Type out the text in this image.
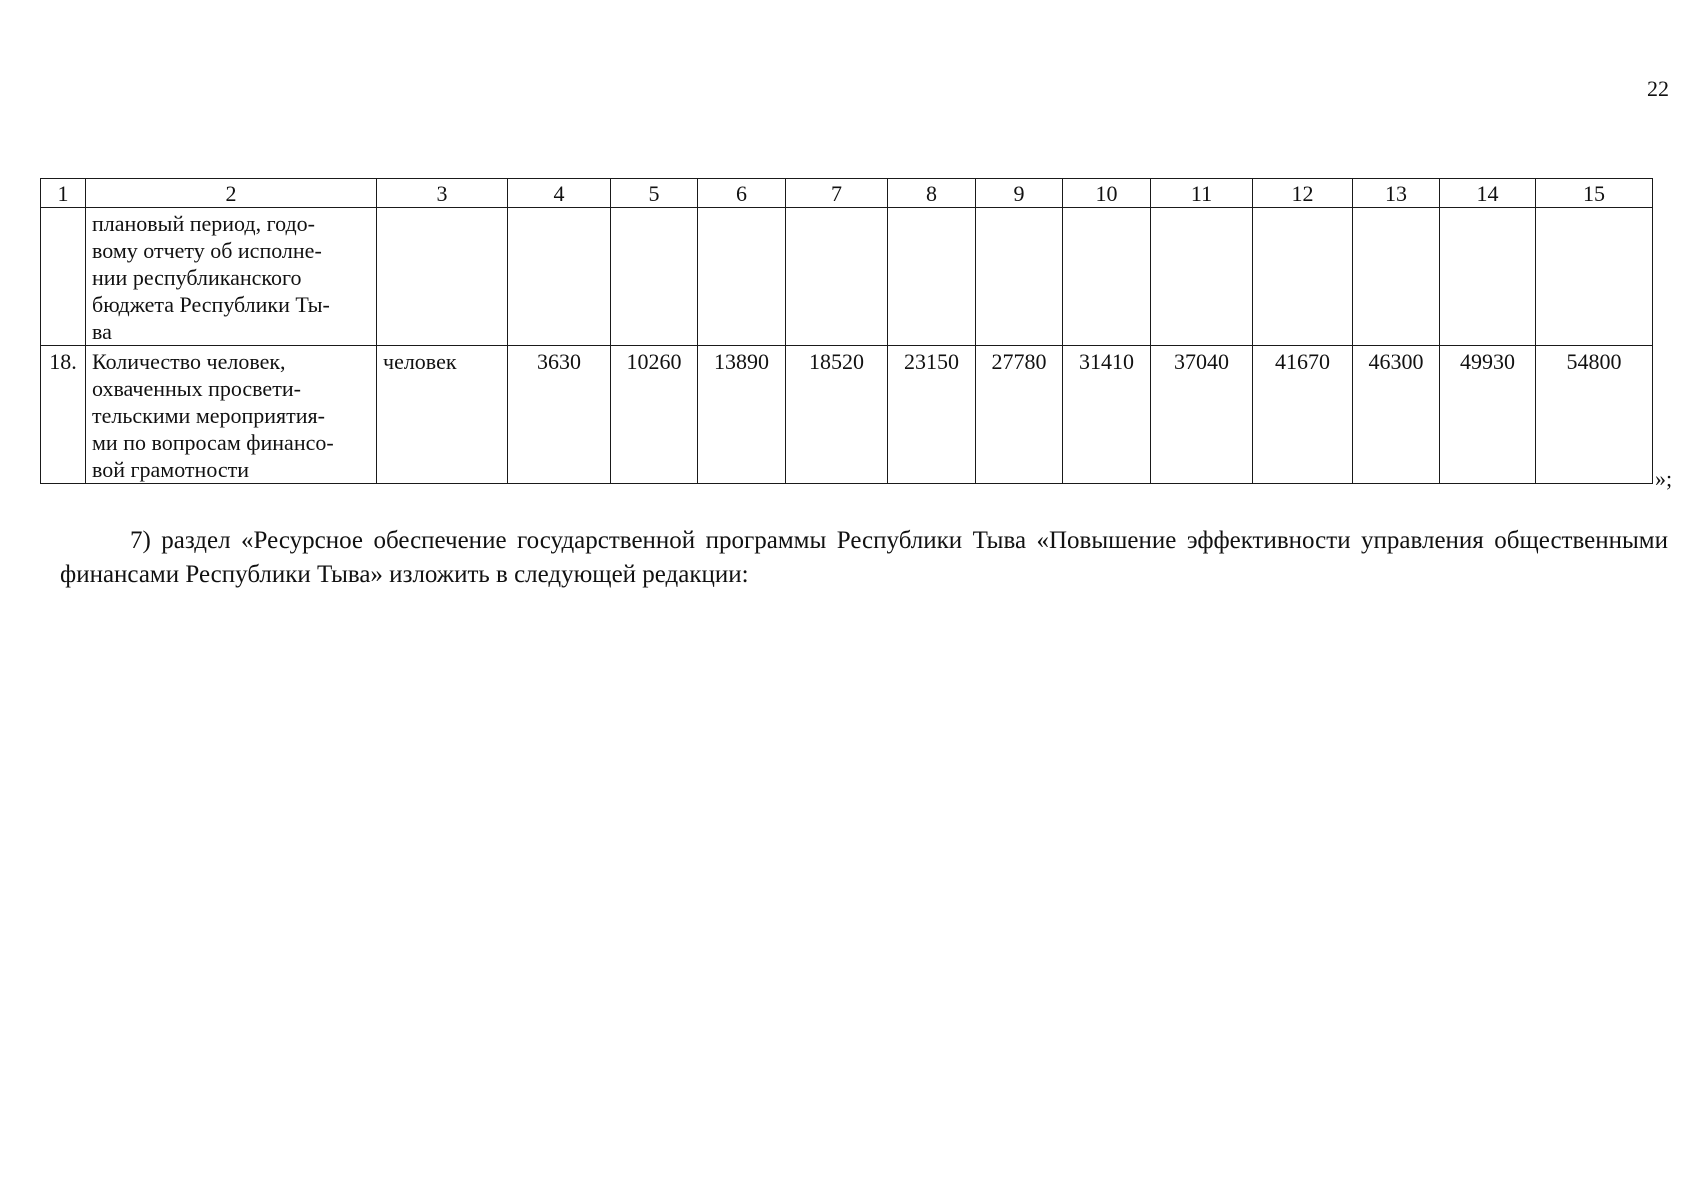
22
1	2	3	4	5	6	7	8	9	10	11	12	13	14	15
	плановый период, годо-
вому отчету об исполне-
нии республиканского
бюджета Республики Ты-
ва													
18.	Количество человек,
охваченных просвети-
тельскими мероприятия-
ми по вопросам финансо-
вой грамотности	человек	3630	10260	13890	18520	23150	27780	31410	37040	41670	46300	49930	54800
»;
7) раздел «Ресурсное обеспечение государственной программы Республики Тыва «Повышение эффективности управления общественными финансами Республики Тыва» изложить в следующей редакции:
